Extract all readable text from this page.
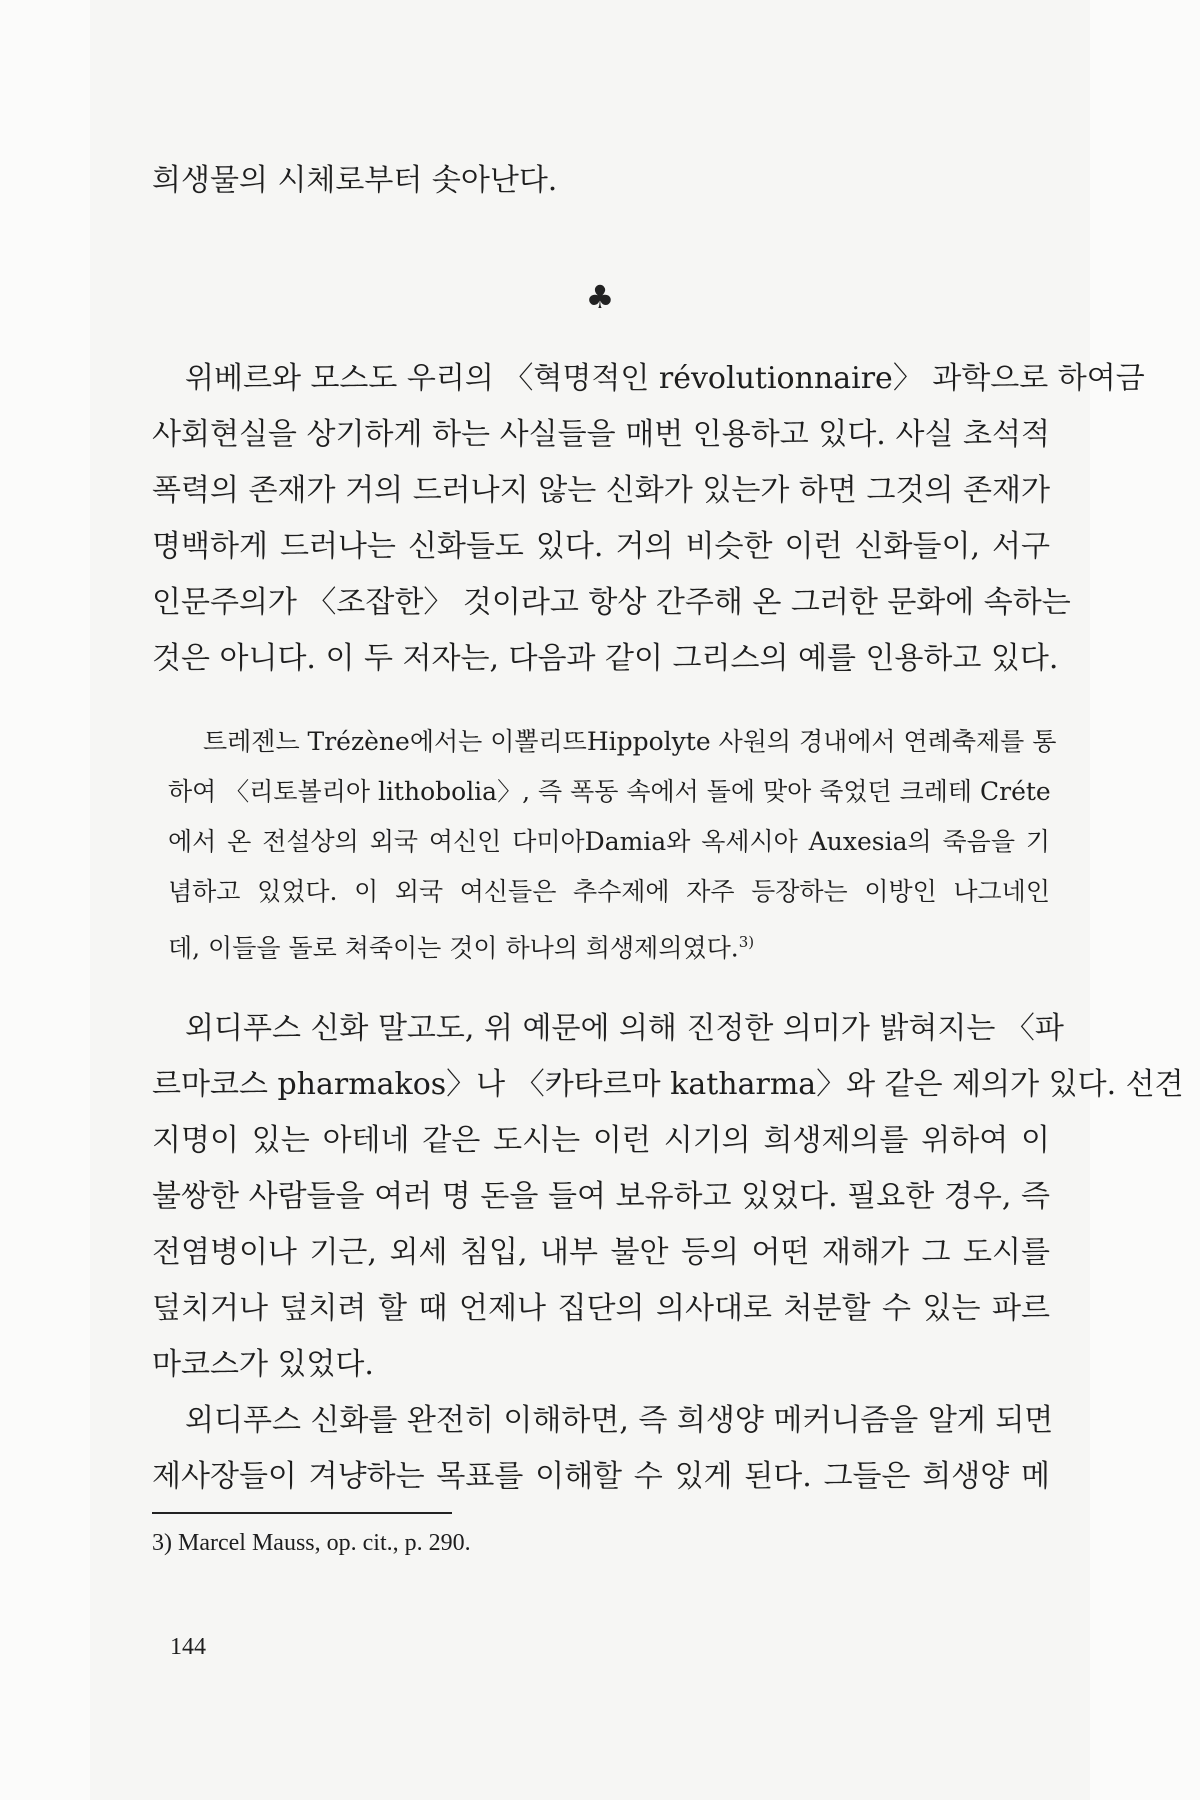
희생물의 시체로부터 솟아난다.
♣
위베르와 모스도 우리의 〈혁명적인 révolutionnaire〉 과학으로 하여금
사회현실을 상기하게 하는 사실들을 매번 인용하고 있다. 사실 초석적
폭력의 존재가 거의 드러나지 않는 신화가 있는가 하면 그것의 존재가
명백하게 드러나는 신화들도 있다. 거의 비슷한 이런 신화들이, 서구
인문주의가 〈조잡한〉 것이라고 항상 간주해 온 그러한 문화에 속하는
것은 아니다. 이 두 저자는, 다음과 같이 그리스의 예를 인용하고 있다.
트레젠느 Trézène에서는 이뽈리뜨Hippolyte 사원의 경내에서 연례축제를 통
하여 〈리토볼리아 lithobolia〉, 즉 폭동 속에서 돌에 맞아 죽었던 크레테 Créte
에서 온 전설상의 외국 여신인 다미아Damia와 옥세시아 Auxesia의 죽음을 기
념하고 있었다. 이 외국 여신들은 추수제에 자주 등장하는 이방인 나그네인
데, 이들을 돌로 쳐죽이는 것이 하나의 희생제의였다.$^{3)}$
외디푸스 신화 말고도, 위 예문에 의해 진정한 의미가 밝혀지는 〈파
르마코스 pharmakos〉나 〈카타르마 katharma〉와 같은 제의가 있다. 선견
지명이 있는 아테네 같은 도시는 이런 시기의 희생제의를 위하여 이
불쌍한 사람들을 여러 명 돈을 들여 보유하고 있었다. 필요한 경우, 즉
전염병이나 기근, 외세 침입, 내부 불안 등의 어떤 재해가 그 도시를
덮치거나 덮치려 할 때 언제나 집단의 의사대로 처분할 수 있는 파르
마코스가 있었다.
외디푸스 신화를 완전히 이해하면, 즉 희생양 메커니즘을 알게 되면
제사장들이 겨냥하는 목표를 이해할 수 있게 된다. 그들은 희생양 메
3) Marcel Mauss, op. cit., p. 290.
144
